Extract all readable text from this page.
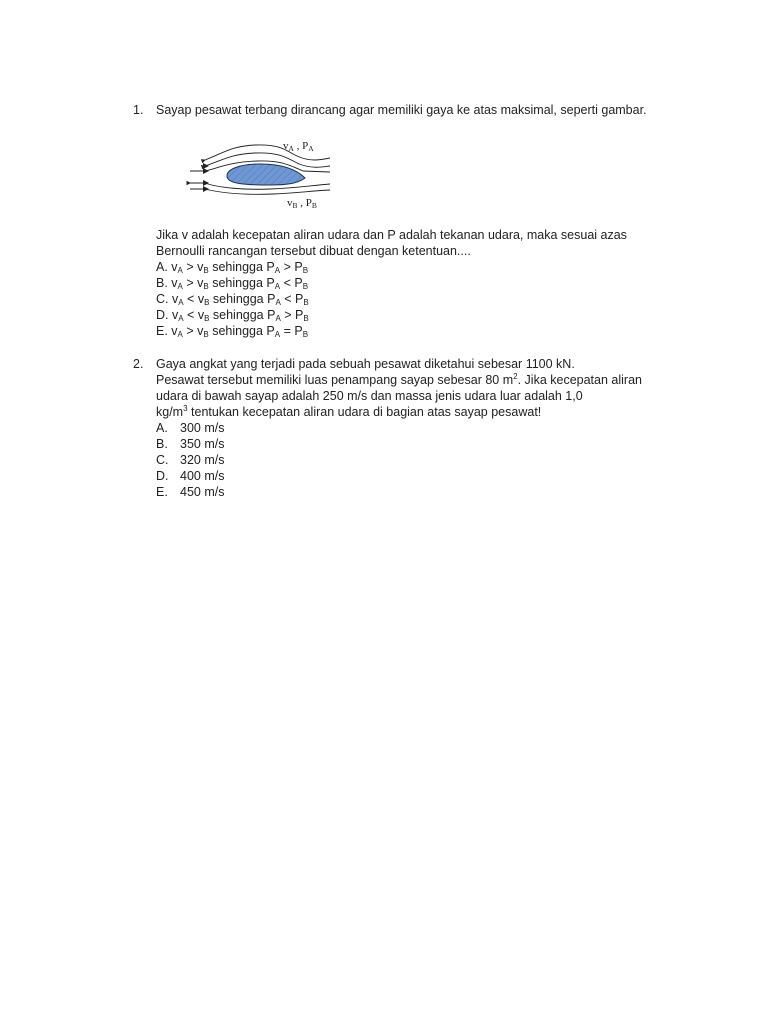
1. Sayap pesawat terbang dirancang agar memiliki gaya ke atas maksimal, seperti gambar.
vA , PA
vB , PB
Jika v adalah kecepatan aliran udara dan P adalah tekanan udara, maka sesuai azas
Bernoulli rancangan tersebut dibuat dengan ketentuan....
A. $v_A > v_B$ sehingga $P_A > P_B$
B. $v_A > v_B$ sehingga $P_A < P_B$
C. $v_A < v_B$ sehingga $P_A < P_B$
D. $v_A < v_B$ sehingga $P_A > P_B$
E. $v_A > v_B$ sehingga $P_A = P_B$
2. Gaya angkat yang terjadi pada sebuah pesawat diketahui sebesar 1100 kN.
Pesawat tersebut memiliki luas penampang sayap sebesar 80 $m^2$. Jika kecepatan aliran
udara di bawah sayap adalah 250 m/s dan massa jenis udara luar adalah 1,0
$kg/m^3$ tentukan kecepatan aliran udara di bagian atas sayap pesawat!
A. 300 m/s
B. 350 m/s
C. 320 m/s
D. 400 m/s
E. 450 m/s
